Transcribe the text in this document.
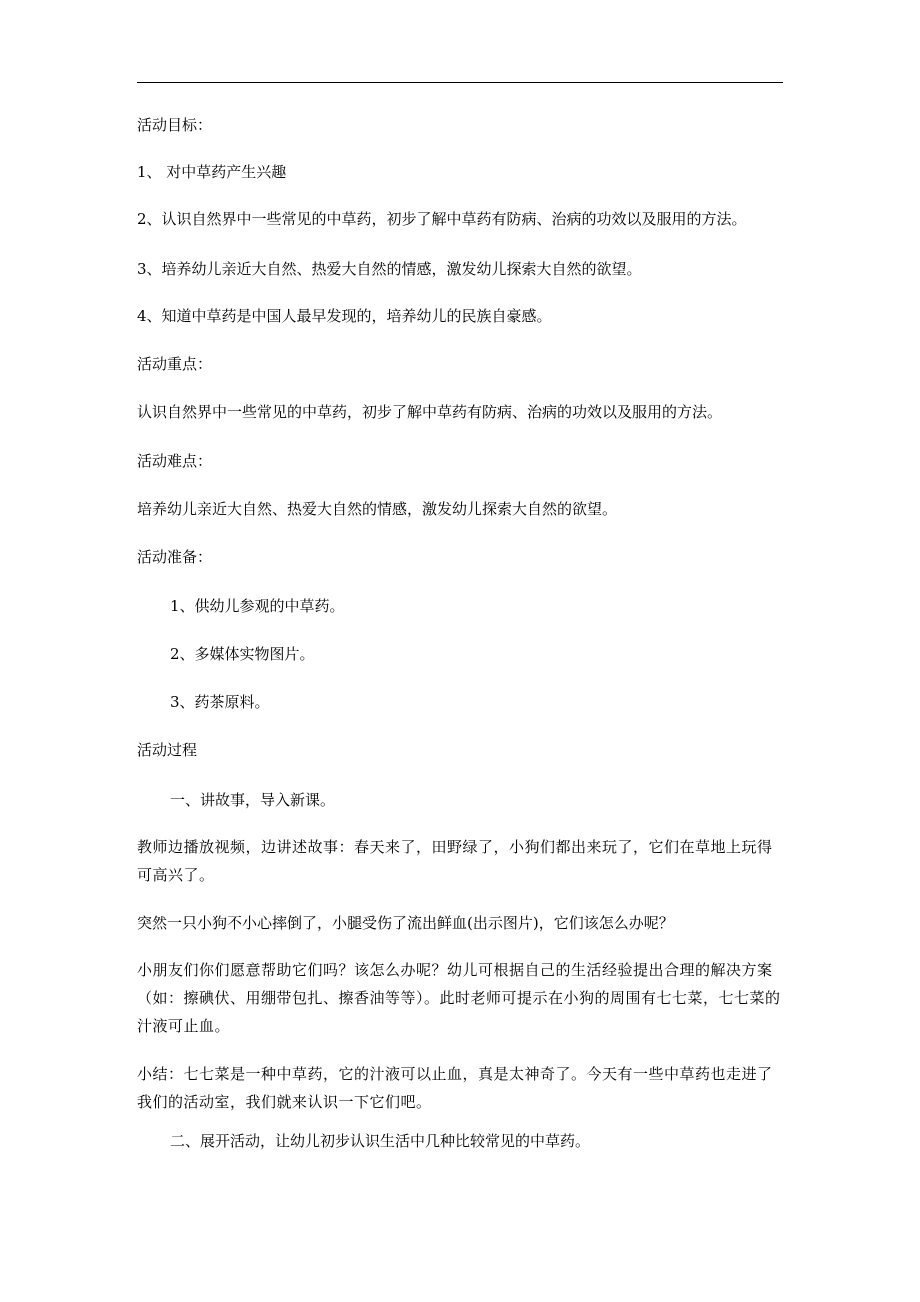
活动目标：
1、 对中草药产生兴趣
2、认识自然界中一些常见的中草药，初步了解中草药有防病、治病的功效以及服用的方法。
3、培养幼儿亲近大自然、热爱大自然的情感，激发幼儿探索大自然的欲望。
4、知道中草药是中国人最早发现的，培养幼儿的民族自豪感。
活动重点：
认识自然界中一些常见的中草药，初步了解中草药有防病、治病的功效以及服用的方法。
活动难点：
培养幼儿亲近大自然、热爱大自然的情感，激发幼儿探索大自然的欲望。
活动准备：
1、供幼儿参观的中草药。
2、多媒体实物图片。
3、药茶原料。
活动过程
一、讲故事，导入新课。
教师边播放视频，边讲述故事：春天来了，田野绿了，小狗们都出来玩了，它们在草地上玩得可高兴了。
突然一只小狗不小心摔倒了，小腿受伤了流出鲜血(出示图片)，它们该怎么办呢？
小朋友们你们愿意帮助它们吗？该怎么办呢？幼儿可根据自己的生活经验提出合理的解决方案（如：擦碘伏、用绷带包扎、擦香油等等）。此时老师可提示在小狗的周围有七七菜，七七菜的汁液可止血。
小结：七七菜是一种中草药，它的汁液可以止血，真是太神奇了。今天有一些中草药也走进了我们的活动室，我们就来认识一下它们吧。
二、展开活动，让幼儿初步认识生活中几种比较常见的中草药。
